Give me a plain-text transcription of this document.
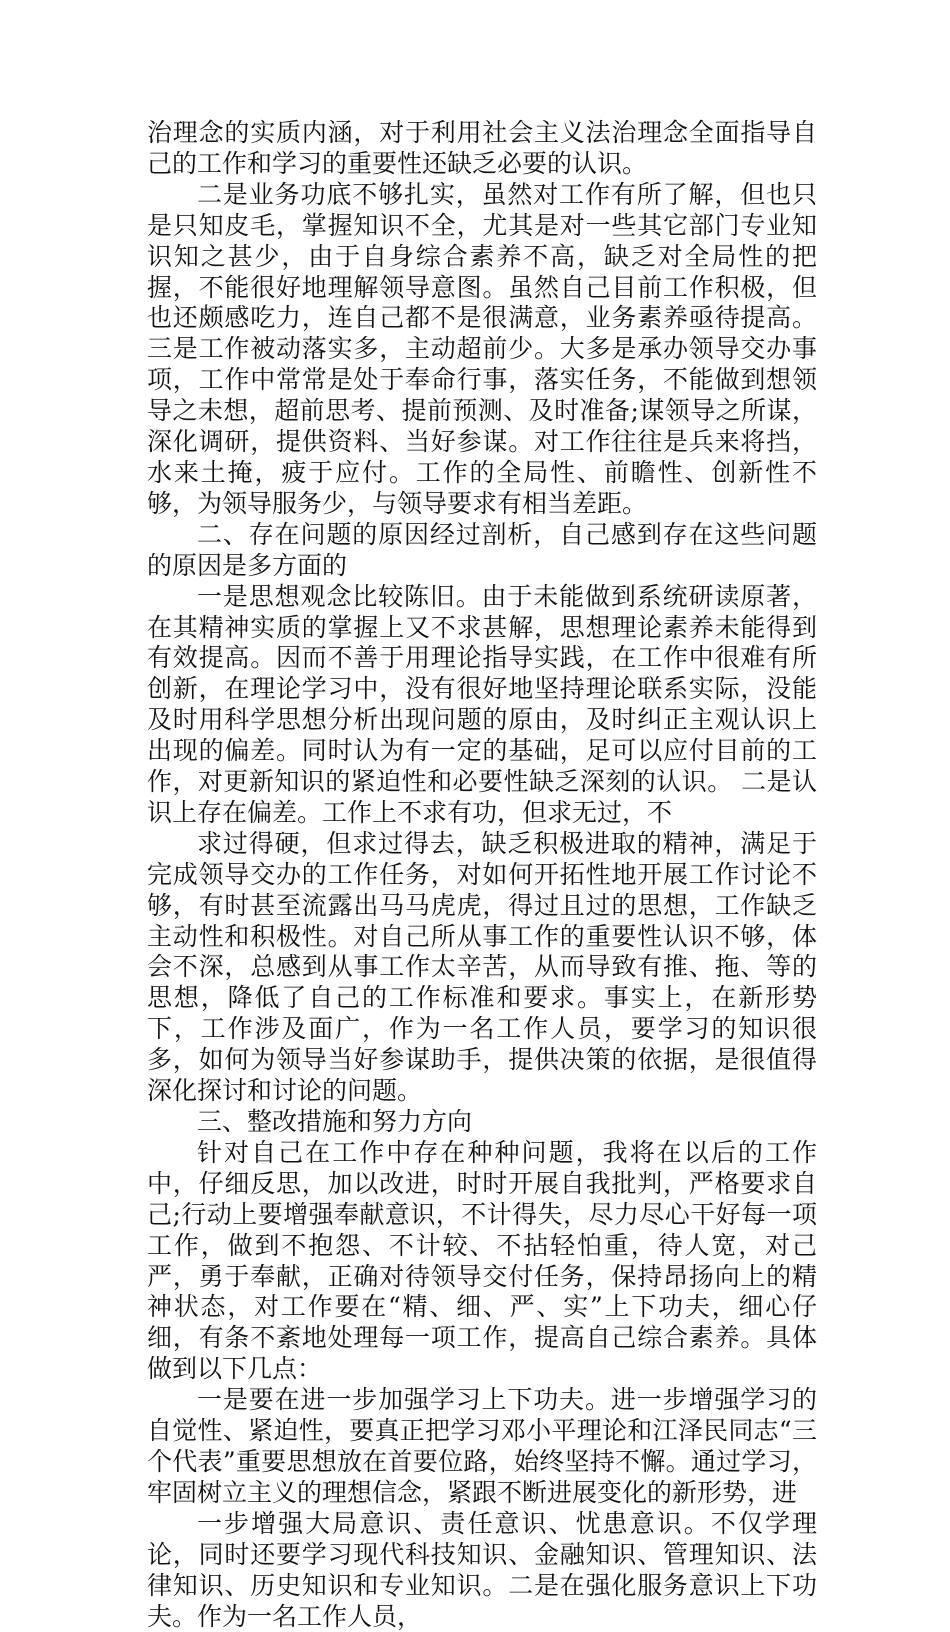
治理念的实质内涵，对于利用社会主义法治理念全面指导自己的工作和学习的重要性还缺乏必要的认识。

二是业务功底不够扎实，虽然对工作有所了解，但也只是只知皮毛，掌握知识不全，尤其是对一些其它部门专业知识知之甚少，由于自身综合素养不高，缺乏对全局性的把握，不能很好地理解领导意图。虽然自己目前工作积极，但也还颇感吃力，连自己都不是很满意，业务素养亟待提高。 三是工作被动落实多，主动超前少。大多是承办领导交办事项，工作中常常是处于奉命行事，落实任务，不能做到想领导之未想，超前思考、提前预测、及时准备;谋领导之所谋，深化调研，提供资料、当好参谋。对工作往往是兵来将挡，水来土掩，疲于应付。工作的全局性、前瞻性、创新性不够，为领导服务少，与领导要求有相当差距。

二、存在问题的原因经过剖析，自己感到存在这些问题的原因是多方面的

一是思想观念比较陈旧。由于未能做到系统研读原著，在其精神实质的掌握上又不求甚解，思想理论素养未能得到有效提高。因而不善于用理论指导实践，在工作中很难有所创新，在理论学习中，没有很好地坚持理论联系实际，没能及时用科学思想分析出现问题的原由，及时纠正主观认识上出现的偏差。同时认为有一定的基础，足可以应付目前的工作，对更新知识的紧迫性和必要性缺乏深刻的认识。 二是认识上存在偏差。工作上不求有功，但求无过，不

求过得硬，但求过得去，缺乏积极进取的精神，满足于完成领导交办的工作任务，对如何开拓性地开展工作讨论不够，有时甚至流露出马马虎虎，得过且过的思想，工作缺乏主动性和积极性。对自己所从事工作的重要性认识不够，体会不深，总感到从事工作太辛苦，从而导致有推、拖、等的思想，降低了自己的工作标准和要求。事实上，在新形势下，工作涉及面广，作为一名工作人员，要学习的知识很多，如何为领导当好参谋助手，提供决策的依据，是很值得深化探讨和讨论的问题。

三、整改措施和努力方向

针对自己在工作中存在种种问题，我将在以后的工作中，仔细反思，加以改进，时时开展自我批判，严格要求自己;行动上要增强奉献意识，不计得失，尽力尽心干好每一项工作，做到不抱怨、不计较、不拈轻怕重，待人宽，对己严，勇于奉献，正确对待领导交付任务，保持昂扬向上的精神状态，对工作要在“精、细、严、实”上下功夫，细心仔细，有条不紊地处理每一项工作，提高自己综合素养。具体做到以下几点：

一是要在进一步加强学习上下功夫。进一步增强学习的自觉性、紧迫性，要真正把学习邓小平理论和江泽民同志“三个代表”重要思想放在首要位路，始终坚持不懈。通过学习，牢固树立主义的理想信念，紧跟不断进展变化的新形势，进

一步增强大局意识、责任意识、忧患意识。不仅学理论，同时还要学习现代科技知识、金融知识、管理知识、法律知识、历史知识和专业知识。二是在强化服务意识上下功夫。作为一名工作人员，
